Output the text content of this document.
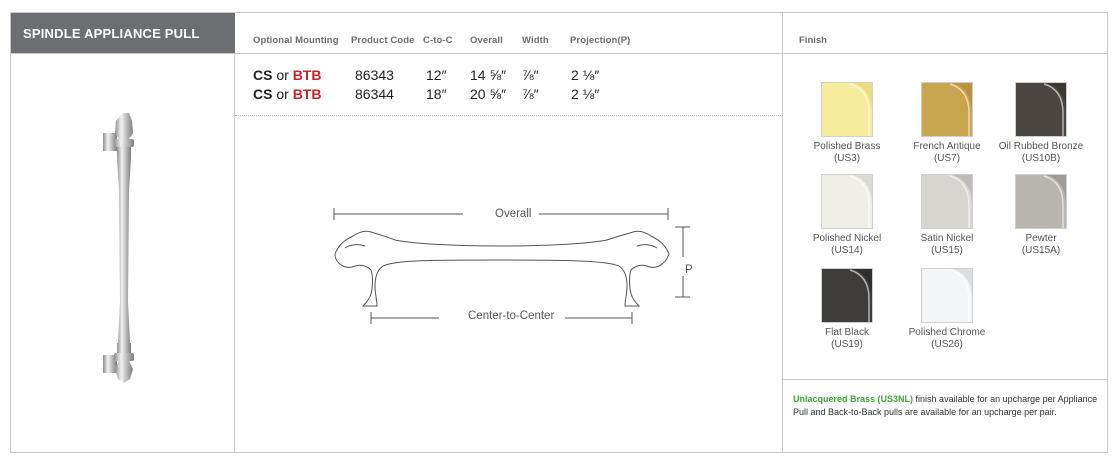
SPINDLE APPLIANCE PULL	Optional Mounting Product Code C-to-C Overall Width Projection(P)
CS or BTB 86343 12″ 14 ⅝″ ⅞″ 2 ⅛″
CS or BTB 86344 18″ 20 ⅝″ ⅞″ 2 ⅛″
Overall
P
Center-to-Center
Finish
Polished Brass
(US3)
French Antique
(US7)
Oil Rubbed Bronze
(US10B)
Polished Nickel
(US14)
Satin Nickel
(US15)
Pewter
(US15A)
Flat Black
(US19)
Polished Chrome
(US26)
Unlacquered Brass (US3NL) finish available for an upcharge per Appliance Pull and Back-to-Back pulls are available for an upcharge per pair.
